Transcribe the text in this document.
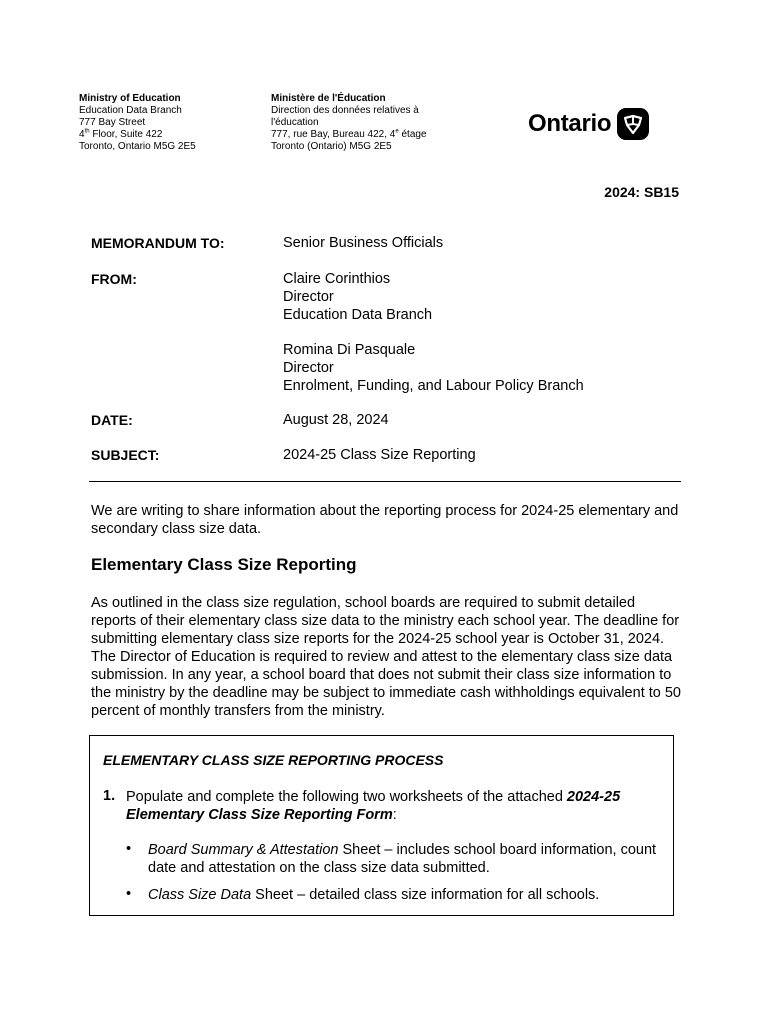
Ministry of Education
Education Data Branch
777 Bay Street
4th Floor, Suite 422
Toronto, Ontario M5G 2E5
Ministère de l'Éducation
Direction des données relatives à
l'éducation
777, rue Bay, Bureau 422, 4e étage
Toronto (Ontario) M5G 2E5
Ontario
2024: SB15
MEMORANDUM TO:	Senior Business Officials
FROM:	Claire Corinthios
Director
Education Data Branch
Romina Di Pasquale
Director
Enrolment, Funding, and Labour Policy Branch
DATE:	August 28, 2024
SUBJECT:	2024-25 Class Size Reporting
We are writing to share information about the reporting process for 2024-25 elementary and secondary class size data.
Elementary Class Size Reporting
As outlined in the class size regulation, school boards are required to submit detailed reports of their elementary class size data to the ministry each school year. The deadline for submitting elementary class size reports for the 2024-25 school year is October 31, 2024. The Director of Education is required to review and attest to the elementary class size data submission. In any year, a school board that does not submit their class size information to the ministry by the deadline may be subject to immediate cash withholdings equivalent to 50 percent of monthly transfers from the ministry.
ELEMENTARY CLASS SIZE REPORTING PROCESS
1. Populate and complete the following two worksheets of the attached 2024-25 Elementary Class Size Reporting Form:
• Board Summary & Attestation Sheet – includes school board information, count date and attestation on the class size data submitted.
• Class Size Data Sheet – detailed class size information for all schools.
